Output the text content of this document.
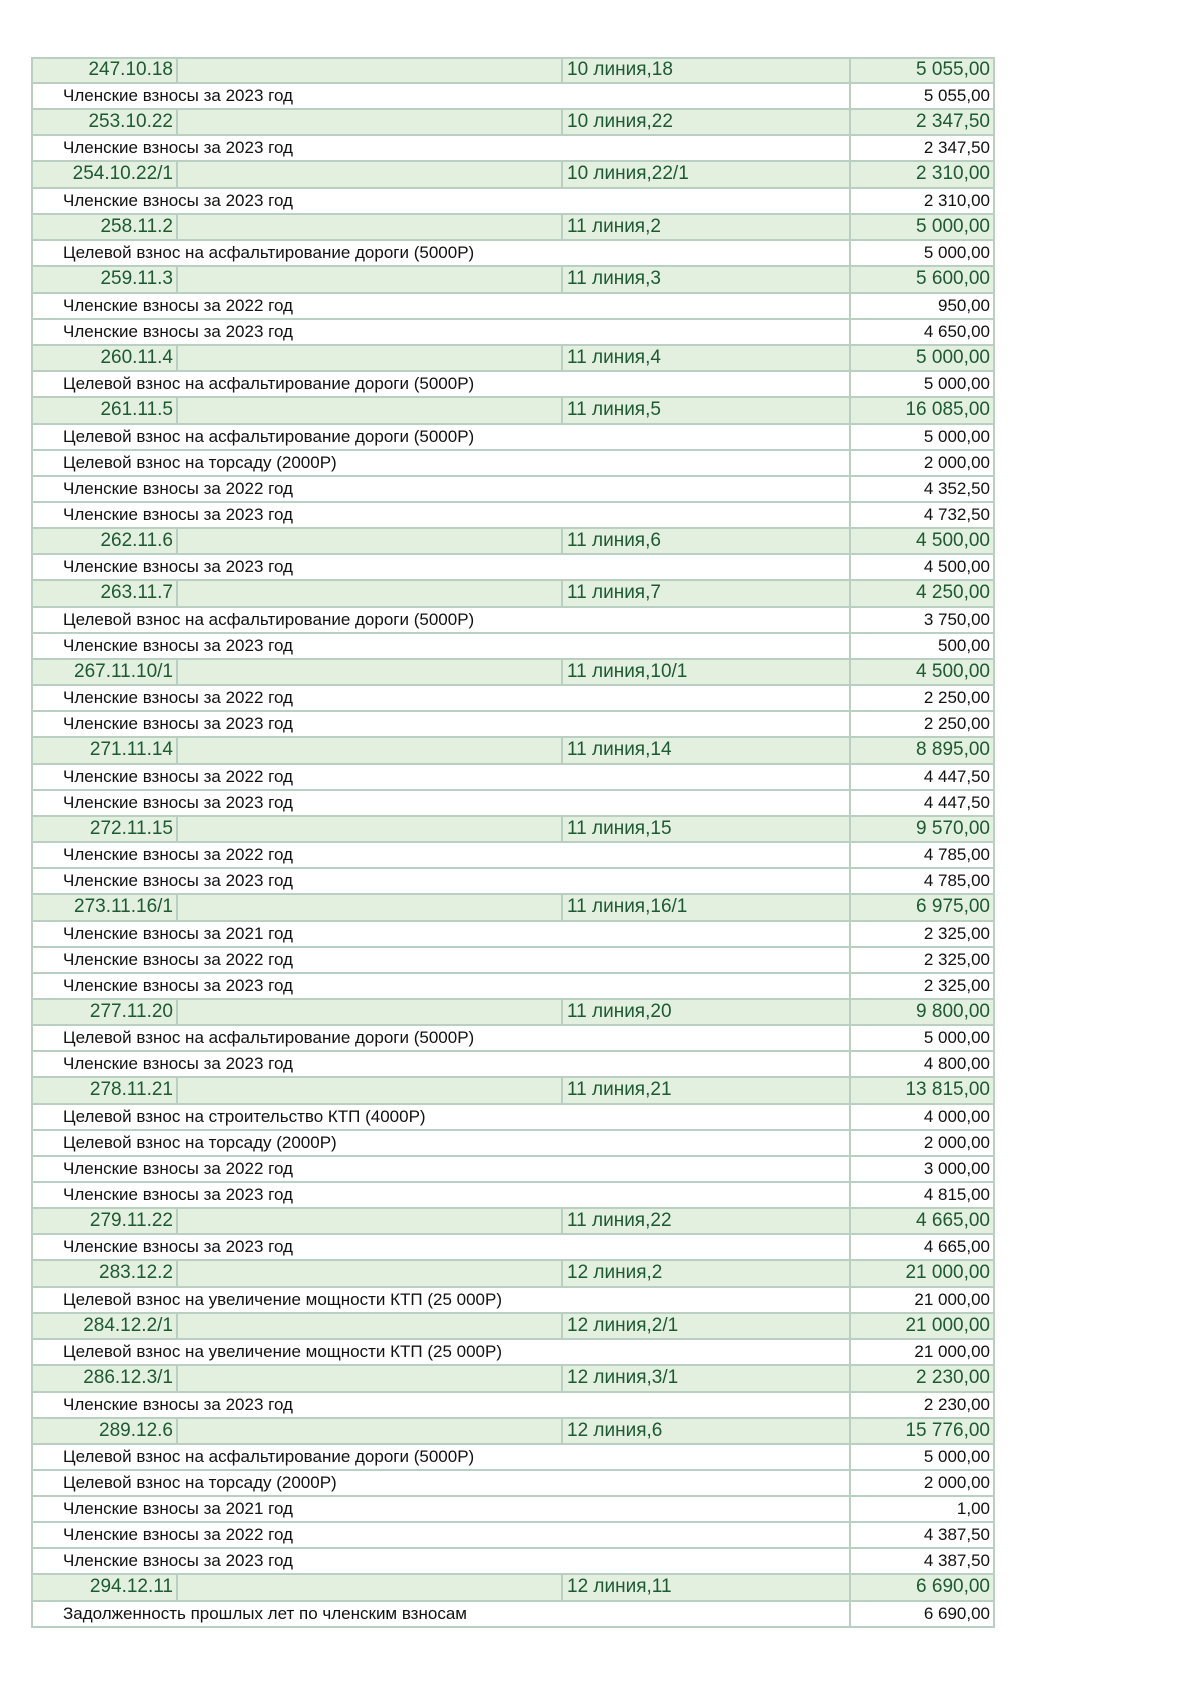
247.10.18	10 линия,18	5 055,00
Членские взносы за 2023 год	5 055,00
253.10.22	10 линия,22	2 347,50
Членские взносы за 2023 год	2 347,50
254.10.22/1	10 линия,22/1	2 310,00
Членские взносы за 2023 год	2 310,00
258.11.2	11 линия,2	5 000,00
Целевой взнос на асфальтирование дороги (5000Р)	5 000,00
259.11.3	11 линия,3	5 600,00
Членские взносы за 2022 год	950,00
Членские взносы за 2023 год	4 650,00
260.11.4	11 линия,4	5 000,00
Целевой взнос на асфальтирование дороги (5000Р)	5 000,00
261.11.5	11 линия,5	16 085,00
Целевой взнос на асфальтирование дороги (5000Р)	5 000,00
Целевой взнос на торсаду (2000Р)	2 000,00
Членские взносы за 2022 год	4 352,50
Членские взносы за 2023 год	4 732,50
262.11.6	11 линия,6	4 500,00
Членские взносы за 2023 год	4 500,00
263.11.7	11 линия,7	4 250,00
Целевой взнос на асфальтирование дороги (5000Р)	3 750,00
Членские взносы за 2023 год	500,00
267.11.10/1	11 линия,10/1	4 500,00
Членские взносы за 2022 год	2 250,00
Членские взносы за 2023 год	2 250,00
271.11.14	11 линия,14	8 895,00
Членские взносы за 2022 год	4 447,50
Членские взносы за 2023 год	4 447,50
272.11.15	11 линия,15	9 570,00
Членские взносы за 2022 год	4 785,00
Членские взносы за 2023 год	4 785,00
273.11.16/1	11 линия,16/1	6 975,00
Членские взносы за 2021 год	2 325,00
Членские взносы за 2022 год	2 325,00
Членские взносы за 2023 год	2 325,00
277.11.20	11 линия,20	9 800,00
Целевой взнос на асфальтирование дороги (5000Р)	5 000,00
Членские взносы за 2023 год	4 800,00
278.11.21	11 линия,21	13 815,00
Целевой взнос на строительство КТП (4000Р)	4 000,00
Целевой взнос на торсаду (2000Р)	2 000,00
Членские взносы за 2022 год	3 000,00
Членские взносы за 2023 год	4 815,00
279.11.22	11 линия,22	4 665,00
Членские взносы за 2023 год	4 665,00
283.12.2	12 линия,2	21 000,00
Целевой взнос на увеличение мощности КТП (25 000Р)	21 000,00
284.12.2/1	12 линия,2/1	21 000,00
Целевой взнос на увеличение мощности КТП (25 000Р)	21 000,00
286.12.3/1	12 линия,3/1	2 230,00
Членские взносы за 2023 год	2 230,00
289.12.6	12 линия,6	15 776,00
Целевой взнос на асфальтирование дороги (5000Р)	5 000,00
Целевой взнос на торсаду (2000Р)	2 000,00
Членские взносы за 2021 год	1,00
Членские взносы за 2022 год	4 387,50
Членские взносы за 2023 год	4 387,50
294.12.11	12 линия,11	6 690,00
Задолженность прошлых лет по членским взносам	6 690,00
